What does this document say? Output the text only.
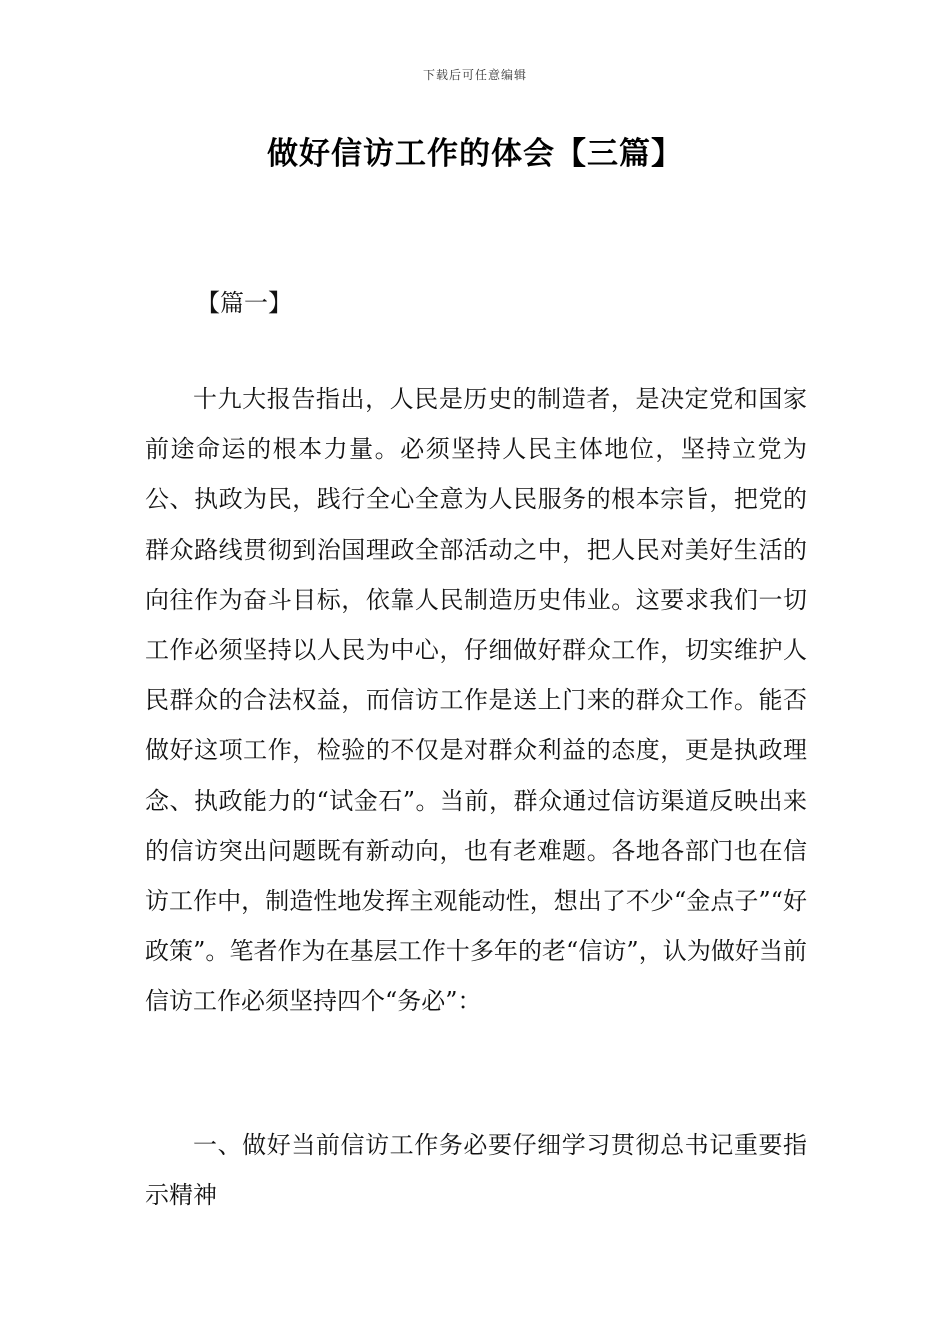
下载后可任意编辑
做好信访工作的体会【三篇】

【篇一】

十九大报告指出，人民是历史的制造者，是决定党和国家前途命运的根本力量。必须坚持人民主体地位，坚持立党为公、执政为民，践行全心全意为人民服务的根本宗旨，把党的群众路线贯彻到治国理政全部活动之中，把人民对美好生活的向往作为奋斗目标，依靠人民制造历史伟业。这要求我们一切工作必须坚持以人民为中心，仔细做好群众工作，切实维护人民群众的合法权益，而信访工作是送上门来的群众工作。能否做好这项工作，检验的不仅是对群众利益的态度，更是执政理念、执政能力的“试金石”。当前，群众通过信访渠道反映出来的信访突出问题既有新动向，也有老难题。各地各部门也在信访工作中，制造性地发挥主观能动性，想出了不少“金点子”“好政策”。笔者作为在基层工作十多年的老“信访”，认为做好当前信访工作必须坚持四个“务必”：

一、做好当前信访工作务必要仔细学习贯彻总书记重要指示精神
